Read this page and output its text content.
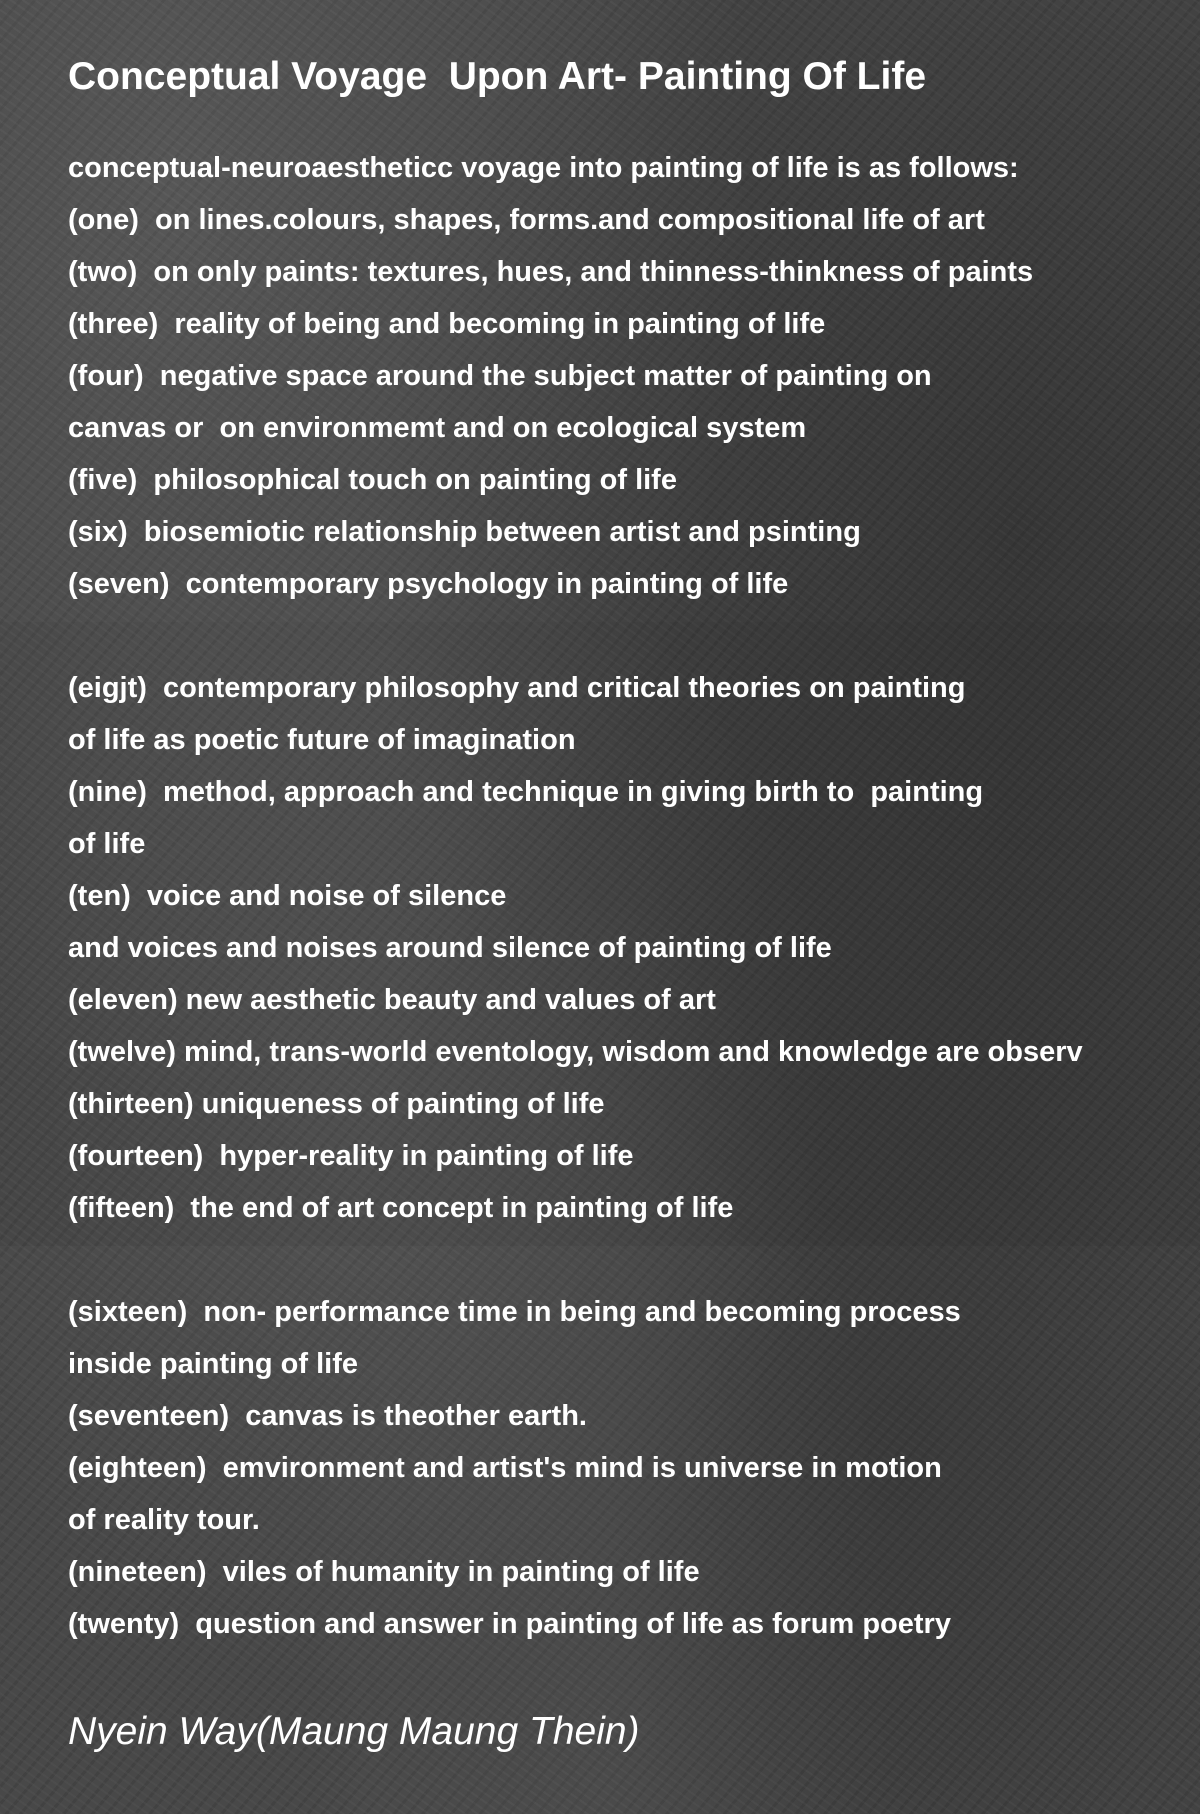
Conceptual Voyage  Upon Art- Painting Of Life
conceptual-neuroaestheticc voyage into painting of life is as follows:
(one)  on lines.colours, shapes, forms.and compositional life of art
(two)  on only paints: textures, hues, and thinness-thinkness of paints
(three)  reality of being and becoming in painting of life
(four)  negative space around the subject matter of painting on
canvas or  on environmemt and on ecological system
(five)  philosophical touch on painting of life
(six)  biosemiotic relationship between artist and psinting
(seven)  contemporary psychology in painting of life
(eigjt)  contemporary philosophy and critical theories on painting
of life as poetic future of imagination
(nine)  method, approach and technique in giving birth to  painting
of life
(ten)  voice and noise of silence
and voices and noises around silence of painting of life
(eleven) new aesthetic beauty and values of art
(twelve) mind, trans-world eventology, wisdom and knowledge are observ
(thirteen) uniqueness of painting of life
(fourteen)  hyper-reality in painting of life
(fifteen)  the end of art concept in painting of life
(sixteen)  non- performance time in being and becoming process
inside painting of life
(seventeen)  canvas is theother earth.
(eighteen)  emvironment and artist's mind is universe in motion
of reality tour.
(nineteen)  viles of humanity in painting of life
(twenty)  question and answer in painting of life as forum poetry
Nyein Way(Maung Maung Thein)
